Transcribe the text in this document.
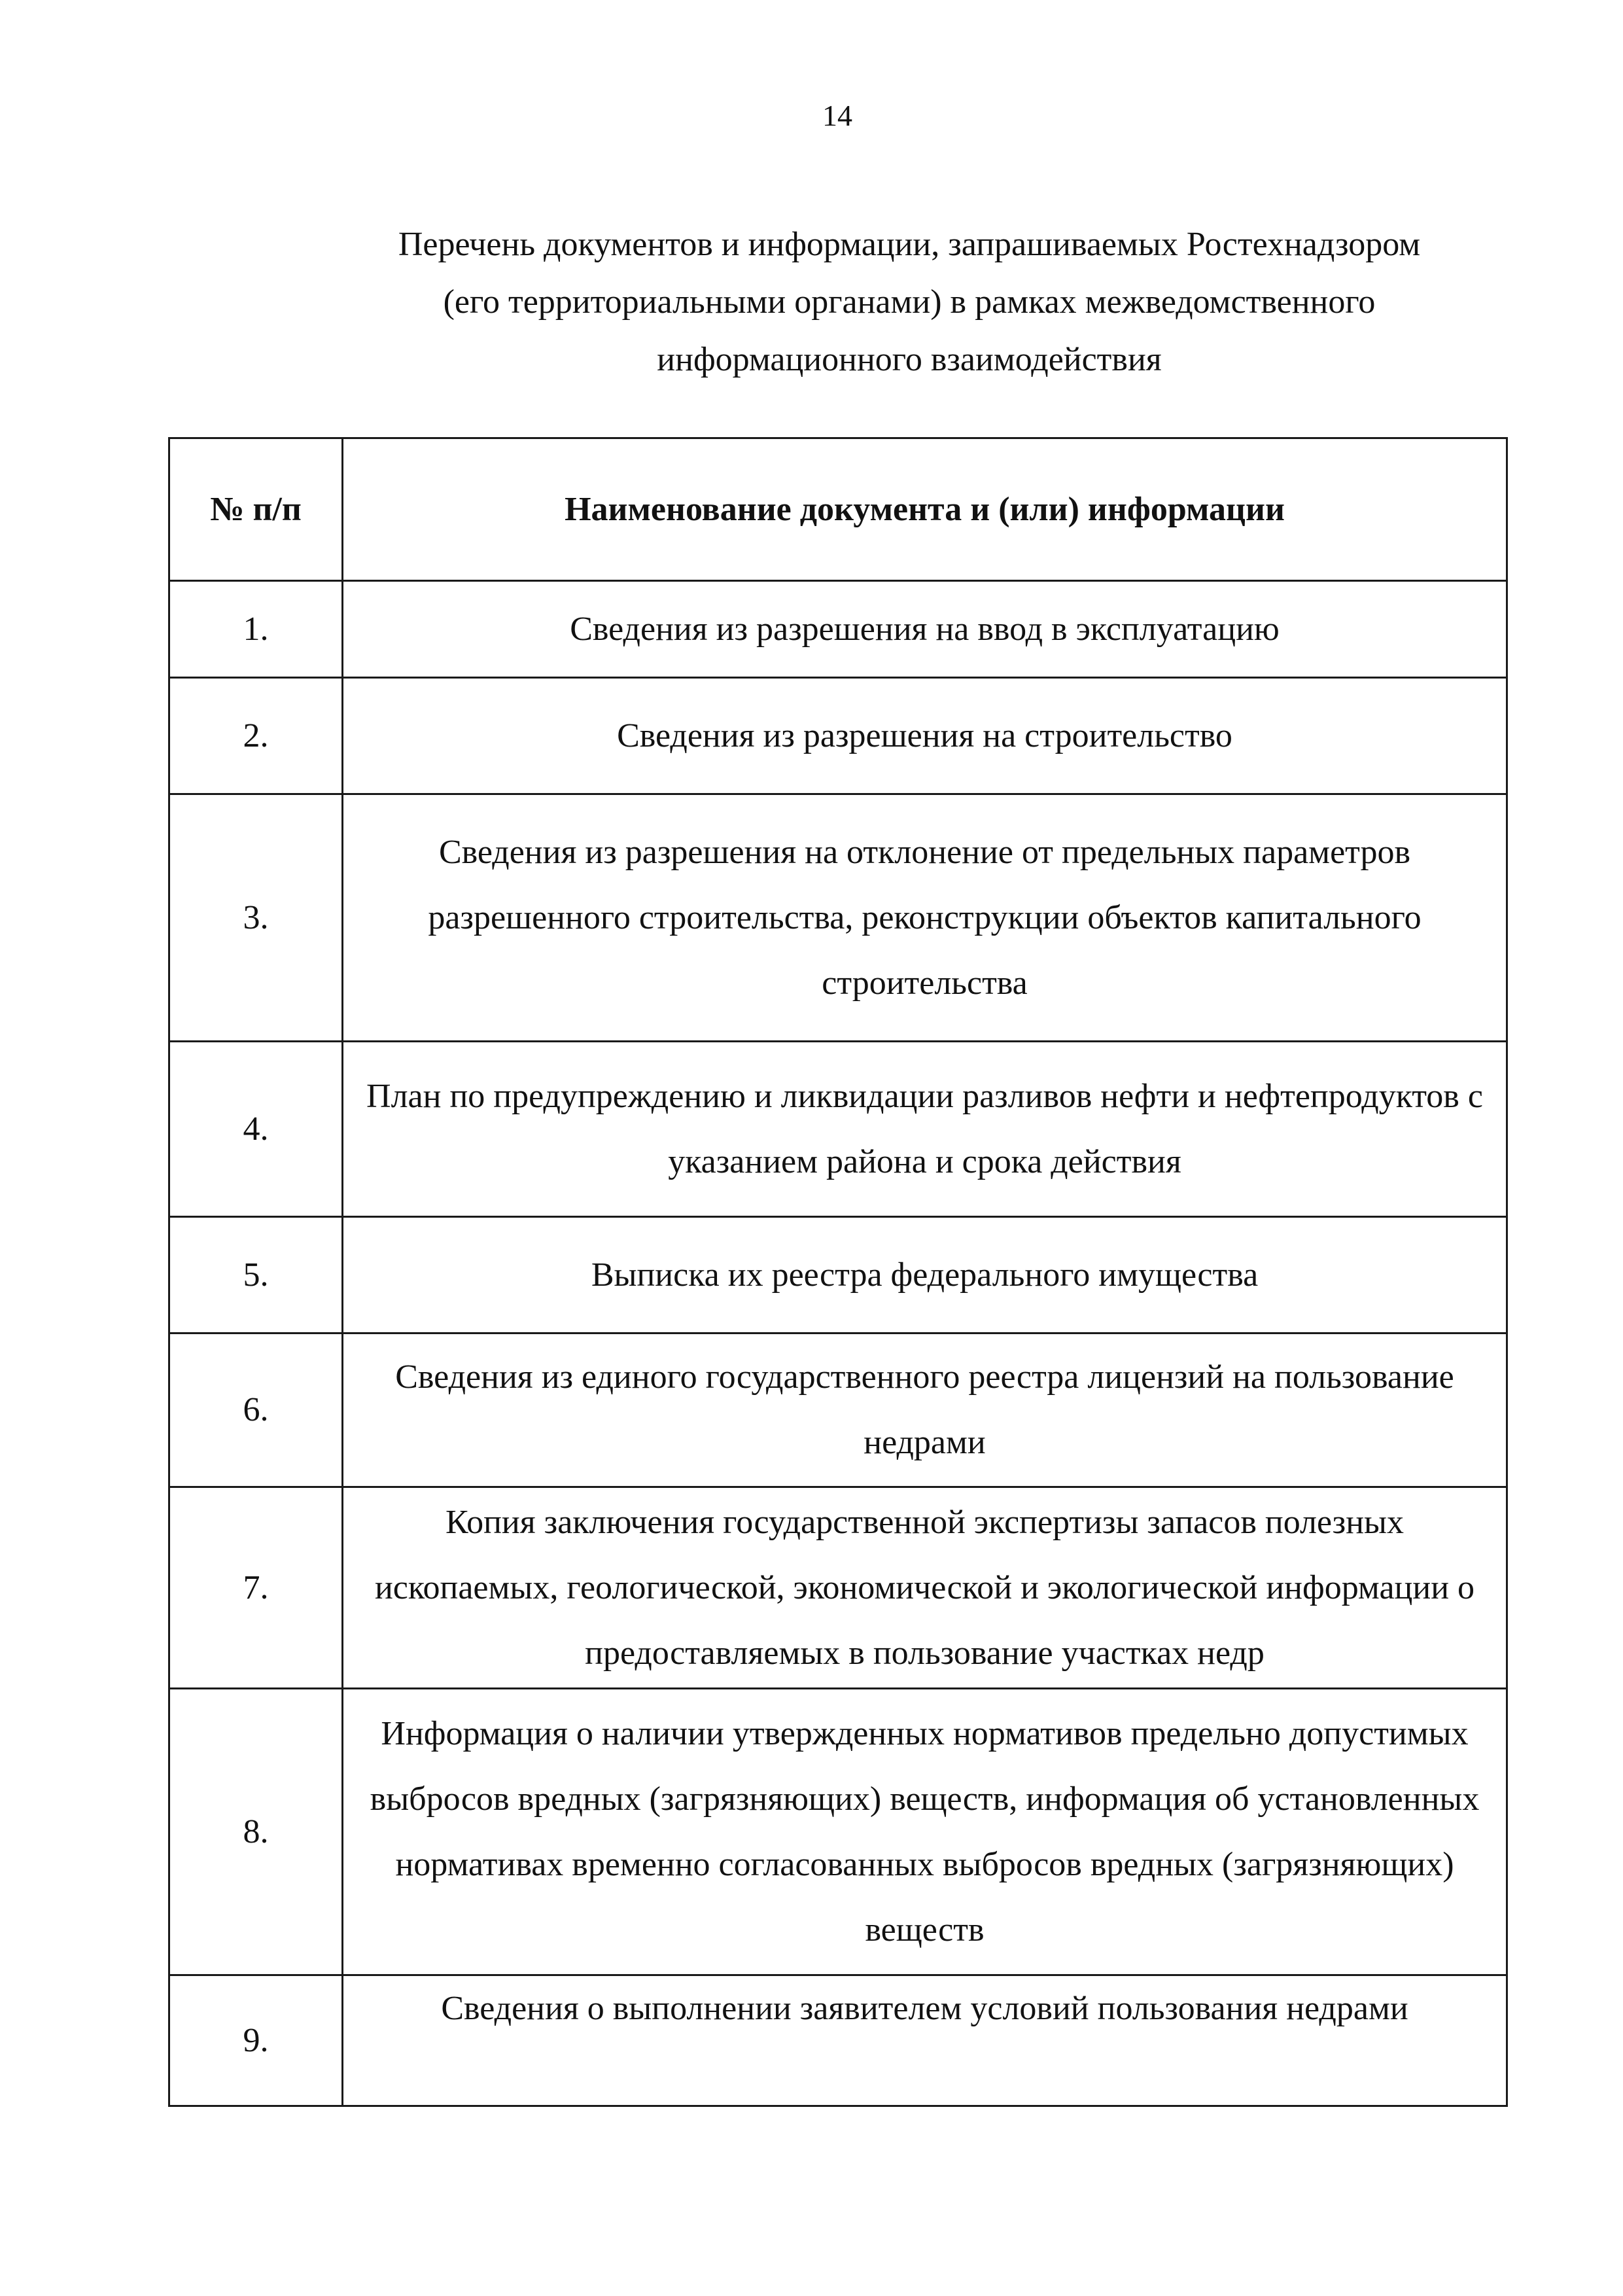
14
Перечень документов и информации, запрашиваемых Ростехнадзором
(его территориальными органами) в рамках межведомственного
информационного взаимодействия
№ п/п	Наименование документа и (или) информации
1.	Сведения из разрешения на ввод в эксплуатацию
2.	Сведения из разрешения на строительство
3.	Сведения из разрешения на отклонение от предельных параметров разрешенного строительства, реконструкции объектов капитального строительства
4.	План по предупреждению и ликвидации разливов нефти и нефтепродуктов с указанием района и срока действия
5.	Выписка их реестра федерального имущества
6.	Сведения из единого государственного реестра лицензий на пользование недрами
7.	Копия заключения государственной экспертизы запасов полезных ископаемых, геологической, экономической и экологической информации о предоставляемых в пользование участках недр
8.	Информация о наличии утвержденных нормативов предельно допустимых выбросов вредных (загрязняющих) веществ, информация об установленных нормативах временно согласованных выбросов вредных (загрязняющих) веществ
9.	Сведения о выполнении заявителем условий пользования недрами
